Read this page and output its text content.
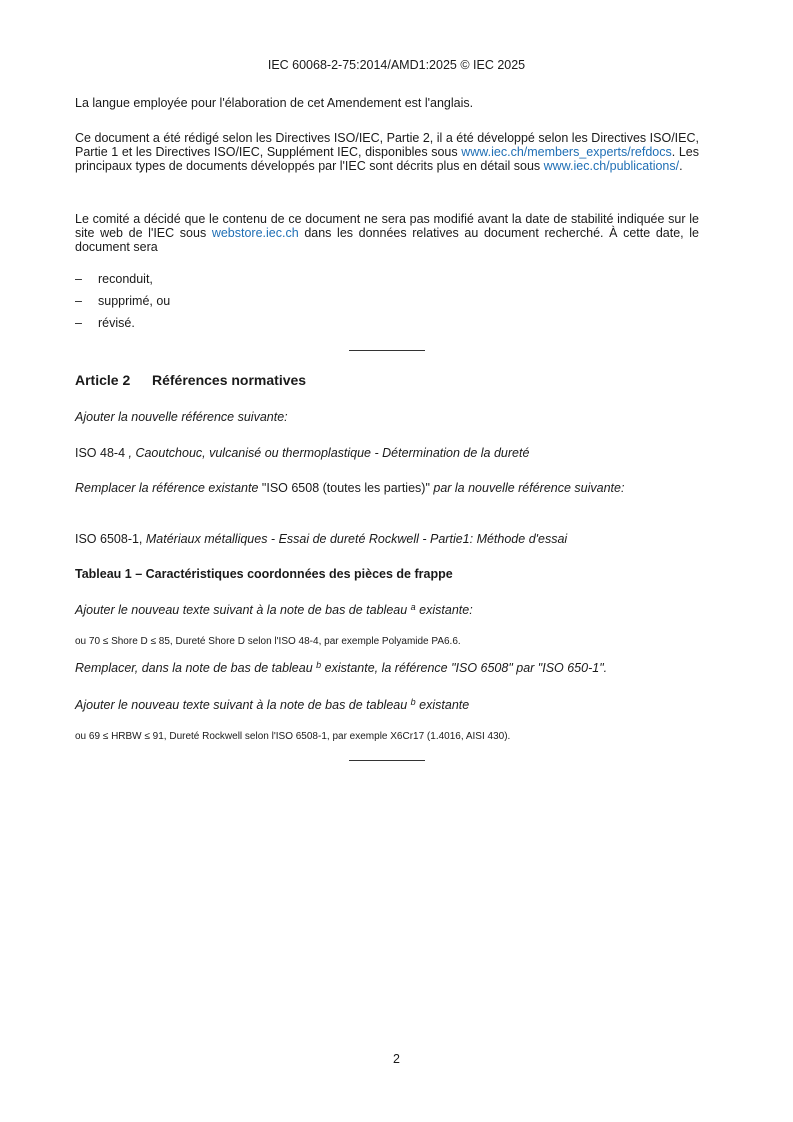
IEC 60068-2-75:2014/AMD1:2025 © IEC 2025

La langue employée pour l'élaboration de cet Amendement est l'anglais.

Ce document a été rédigé selon les Directives ISO/IEC, Partie 2, il a été développé selon les Directives ISO/IEC, Partie 1 et les Directives ISO/IEC, Supplément IEC, disponibles sous www.iec.ch/members_experts/refdocs. Les principaux types de documents développés par l'IEC sont décrits plus en détail sous www.iec.ch/publications/.

Le comité a décidé que le contenu de ce document ne sera pas modifié avant la date de stabilité indiquée sur le site web de l'IEC sous webstore.iec.ch dans les données relatives au document recherché. À cette date, le document sera

– reconduit,
– supprimé, ou
– révisé.

Article 2 Références normatives

Ajouter la nouvelle référence suivante:

ISO 48-4 , Caoutchouc, vulcanisé ou thermoplastique - Détermination de la dureté

Remplacer la référence existante "ISO 6508 (toutes les parties)" par la nouvelle référence suivante:

ISO 6508-1, Matériaux métalliques - Essai de dureté Rockwell - Partie1: Méthode d'essai

Tableau 1 – Caractéristiques coordonnées des pièces de frappe

Ajouter le nouveau texte suivant à la note de bas de tableau $^a$ existante:

ou 70 ≤ Shore D ≤ 85, Dureté Shore D selon l'ISO 48-4, par exemple Polyamide PA6.6.

Remplacer, dans la note de bas de tableau $^b$ existante, la référence "ISO 6508" par "ISO 650-1".

Ajouter le nouveau texte suivant à la note de bas de tableau $^b$ existante

ou 69 ≤ HRBW ≤ 91, Dureté Rockwell selon l'ISO 6508-1, par exemple X6Cr17 (1.4016, AISI 430).

2
